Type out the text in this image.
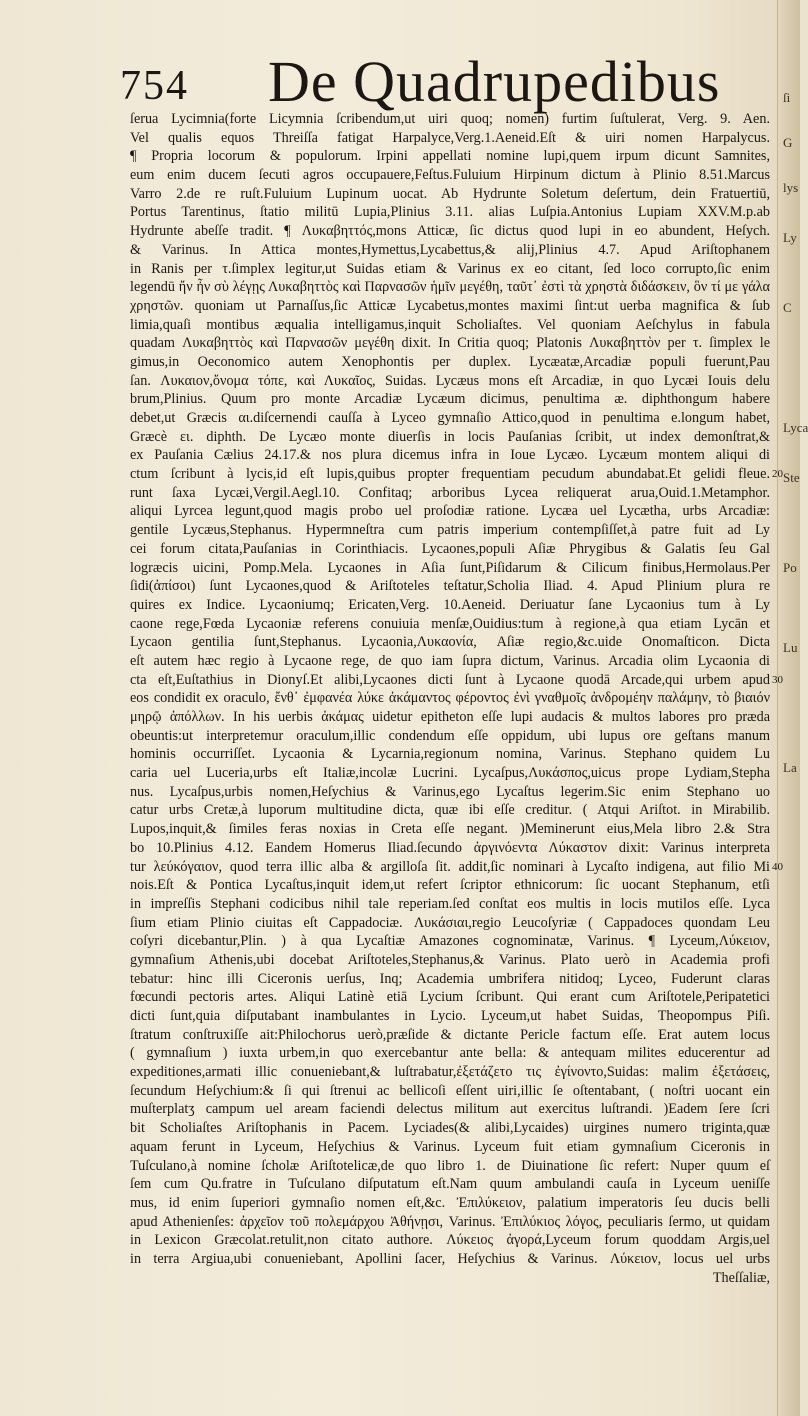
754 De Quadrupedibus
ſerua Lycimnia(forte Licymnia ſcribendum,ut uiri quoq; nomen) furtim ſuſtulerat, Verg. 9. Aen.
Vel qualis equos Threiſſa fatigat Harpalyce,Verg.1.Aeneid.Eſt & uiri nomen Harpalycus.
¶ Propria locorum & populorum. Irpini appellati nomine lupi,quem irpum dicunt Samnites,
eum enim ducem ſecuti agros occupauere,Feſtus.Fuluium Hirpinum dictum à Plinio 8.51.Marcus
Varro 2.de re ruſt.Fuluium Lupinum uocat. Ab Hydrunte Soletum deſertum, dein Fratuertiū,
Portus Tarentinus, ſtatio militū Lupia,Plinius 3.11. alias Luſpia.Antonius Lupiam XXV.M.p.ab
Hydrunte abeſſe tradit. ¶ Λυκαβηττός,mons Atticæ, ſic dictus quod lupi in eo abundent, Heſych.
& Varinus. In Attica montes,Hymettus,Lycabettus,& alij,Plinius 4.7. Apud Ariſtophanem
in Ranis per τ.ſimplex legitur,ut Suidas etiam & Varinus ex eo citant, ſed loco corrupto,ſic enim
legendū ἤν ἦν σὺ λέγῃς Λυκαβηττὸς καὶ Παρνασῶν ἡμῖν μεγέθη, ταῦτ᾽ ἐστὶ τὰ χρηστὰ διδάσκειν, ὃν τί με γάλα
χρηστῶν. quoniam ut Parnaſſus,ſic Atticæ Lycabetus,montes maximi ſint:ut uerba magnifica & ſub
limia,quaſi montibus æqualia intelligamus,inquit Scholiaſtes. Vel quoniam Aeſchylus in fabula
quadam Λυκαβηττὸς καὶ Παρνασῶν μεγέθη dixit. In Critia quoq; Platonis Λυκαβηττὸν per τ. ſimplex le
gimus,in Oeconomico autem Xenophontis per duplex. Lycæatæ,Arcadiæ populi fuerunt,Pau
ſan. Λυκαιον,ὄνομα τόπε, καὶ Λυκαῖος, Suidas. Lycæus mons eſt Arcadiæ, in quo Lycæi Iouis delu
brum,Plinius. Quum pro monte Arcadiæ Lycæum dicimus, penultima æ. diphthongum habere
debet,ut Græcis αι.diſcernendi cauſſa à Lyceo gymnaſio Attico,quod in penultima e.longum habet,
Græcè ει. diphth. De Lycæo monte diuerſis in locis Pauſanias ſcribit, ut index demonſtrat,&
ex Pauſania Cælius 24.17.& nos plura dicemus infra in Ioue Lycæo. Lycæum montem aliqui di
ctum ſcribunt à lycis,id eſt lupis,quibus propter frequentiam pecudum abundabat.Et gelidi fleue.
runt ſaxa Lycæi,Vergil.Aegl.10. Confitaq; arboribus Lycea reliquerat arua,Ouid.1.Metamphor.
aliqui Lyrcea legunt,quod magis probo uel proſodiæ ratione. Lycæa uel Lycætha, urbs Arcadiæ:
gentile Lycæus,Stephanus. Hypermneſtra cum patris imperium contempſiſſet,à patre fuit ad Ly
cei forum citata,Pauſanias in Corinthiacis. Lycaones,populi Aſiæ Phrygibus & Galatis ſeu Gal
logræcis uicini, Pomp.Mela. Lycaones in Aſia ſunt,Piſidarum & Cilicum finibus,Hermolaus.Per
ſidi(ἀπίσοι) ſunt Lycaones,quod & Ariſtoteles teſtatur,Scholia Iliad. 4. Apud Plinium plura re
quires ex Indice. Lycaoniumq; Ericaten,Verg. 10.Aeneid. Deriuatur ſane Lycaonius tum à Ly
caone rege,Fœda Lycaoniæ referens conuiuia menſæ,Ouidius:tum à regione,à qua etiam Lycān et
Lycaon gentilia ſunt,Stephanus. Lycaonia,Λυκαονία, Aſiæ regio,&c.uide Onomaſticon. Dicta
eſt autem hæc regio à Lycaone rege, de quo iam ſupra dictum, Varinus. Arcadia olim Lycaonia di
cta eſt,Euſtathius in Dionyſ.Et alibi,Lycaones dicti ſunt à Lycaone quodā Arcade,qui urbem apud
eos condidit ex oraculo, ἔνθ᾽ ἐμφανέα λύκε ἀκάμαντος φέροντος ἐνὶ γναθμοῖς ἀνδρομέην παλάμην, τὸ βιαιόν
μηρῷ ἀπόλλων. In his uerbis ἀκάμας uidetur epitheton eſſe lupi audacis & multos labores pro præda
obeuntis:ut interpretemur oraculum,illic condendum eſſe oppidum, ubi lupus ore geſtans manum
hominis occurriſſet. Lycaonia & Lycarnia,regionum nomina, Varinus. Stephano quidem Lu
caria uel Luceria,urbs eſt Italiæ,incolæ Lucrini. Lycaſpus,Λυκάσπος,uicus prope Lydiam,Stepha
nus. Lycaſpus,urbis nomen,Heſychius & Varinus,ego Lycaſtus legerim.Sic enim Stephano uo
catur urbs Cretæ,à luporum multitudine dicta, quæ ibi eſſe creditur. ( Atqui Ariſtot. in Mirabilib.
Lupos,inquit,& ſimiles feras noxias in Creta eſſe negant. )Meminerunt eius,Mela libro 2.& Stra
bo 10.Plinius 4.12. Eandem Homerus Iliad.ſecundo ἀργινόεντα Λύκαστον dixit: Varinus interpreta
tur λεύκόγαιον, quod terra illic alba & argilloſa ſit. addit,ſic nominari à Lycaſto indigena, aut filio Mi
nois.Eſt & Pontica Lycaſtus,inquit idem,ut refert ſcriptor ethnicorum: ſic uocant Stephanum, etſi
in impreſſis Stephani codicibus nihil tale reperiam.ſed conſtat eos multis in locis mutilos eſſe. Lyca
ſium etiam Plinio ciuitas eſt Cappadociæ. Λυκάσιαι,regio Leucoſyriæ ( Cappadoces quondam Leu
coſyri dicebantur,Plin. ) à qua Lycaſtiæ Amazones cognominatæ, Varinus. ¶ Lyceum,Λύκειον,
gymnaſium Athenis,ubi docebat Ariſtoteles,Stephanus,& Varinus. Plato uerò in Academia profi
tebatur: hinc illi Ciceronis uerſus, Inq; Academia umbrifera nitidoq; Lyceo, Fuderunt claras
fœcundi pectoris artes. Aliqui Latinè etiā Lycium ſcribunt. Qui erant cum Ariſtotele,Peripatetici
dicti ſunt,quia diſputabant inambulantes in Lycio. Lyceum,ut habet Suidas, Theopompus Piſi.
ſtratum conſtruxiſſe ait:Philochorus uerò,præſide & dictante Pericle factum eſſe. Erat autem locus
( gymnaſium ) iuxta urbem,in quo exercebantur ante bella: & antequam milites educerentur ad
expeditiones,armati illic conueniebant,& luſtrabatur,ἐξετάζετο τις ἐγίνοντο,Suidas: malim ἐξετάσεις,
ſecundum Heſychium:& ſi qui ſtrenui ac bellicoſi eſſent uiri,illic ſe oſtentabant, ( noſtri uocant ein
muſterplatʒ campum uel aream faciendi delectus militum aut exercitus luſtrandi. )Eadem ſere ſcri
bit Scholiaſtes Ariſtophanis in Pacem. Lyciades(& alibi,Lycaides) uirgines numero triginta,quæ
aquam ferunt in Lyceum, Heſychius & Varinus. Lyceum fuit etiam gymnaſium Ciceronis in
Tuſculano,à nomine ſcholæ Ariſtotelicæ,de quo libro 1. de Diuinatione ſic refert: Nuper quum eſ
ſem cum Qu.fratre in Tuſculano diſputatum eſt.Nam quum ambulandi cauſa in Lyceum ueniſſe
mus, id enim ſuperiori gymnaſio nomen eſt,&c. Ἐπιλύκειον, palatium imperatoris ſeu ducis belli
apud Athenienſes: ἀρχεῖον τοῦ πολεμάρχου Ἀθήνῃσι, Varinus. Ἐπιλύκιος λόγος, peculiaris ſermo, ut quidam
in Lexicon Græcolat.retulit,non citato authore. Λύκειος ἀγορά,Lyceum forum quoddam Argis,uel
in terra Argiua,ubi conueniebant, Apollini ſacer, Heſychius & Varinus. Λύκειον, locus uel urbs
Theſſaliæ,
ſi
G
lys
Ly
C
Lyca
Ste
Po
Lu
La
20
30
40
